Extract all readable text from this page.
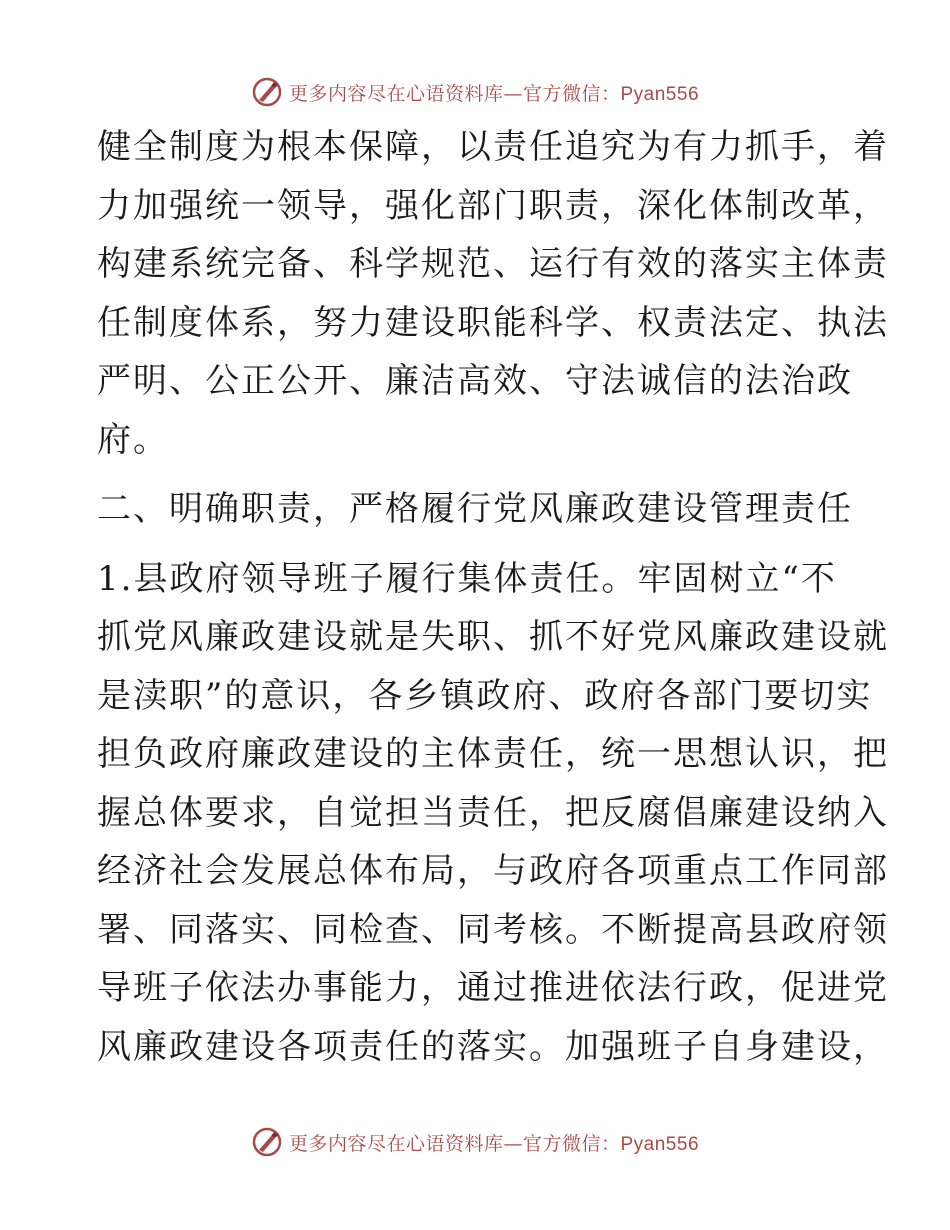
更多内容尽在心语资料库—官方微信：Pyan556
健全制度为根本保障，以责任追究为有力抓手，着
力加强统一领导，强化部门职责，深化体制改革，
构建系统完备、科学规范、运行有效的落实主体责
任制度体系，努力建设职能科学、权责法定、执法
严明、公正公开、廉洁高效、守法诚信的法治政
府。
二、明确职责，严格履行党风廉政建设管理责任
1.县政府领导班子履行集体责任。牢固树立“不
抓党风廉政建设就是失职、抓不好党风廉政建设就
是渎职”的意识，各乡镇政府、政府各部门要切实
担负政府廉政建设的主体责任，统一思想认识，把
握总体要求，自觉担当责任，把反腐倡廉建设纳入
经济社会发展总体布局，与政府各项重点工作同部
署、同落实、同检查、同考核。不断提高县政府领
导班子依法办事能力，通过推进依法行政，促进党
风廉政建设各项责任的落实。加强班子自身建设，
更多内容尽在心语资料库—官方微信：Pyan556
